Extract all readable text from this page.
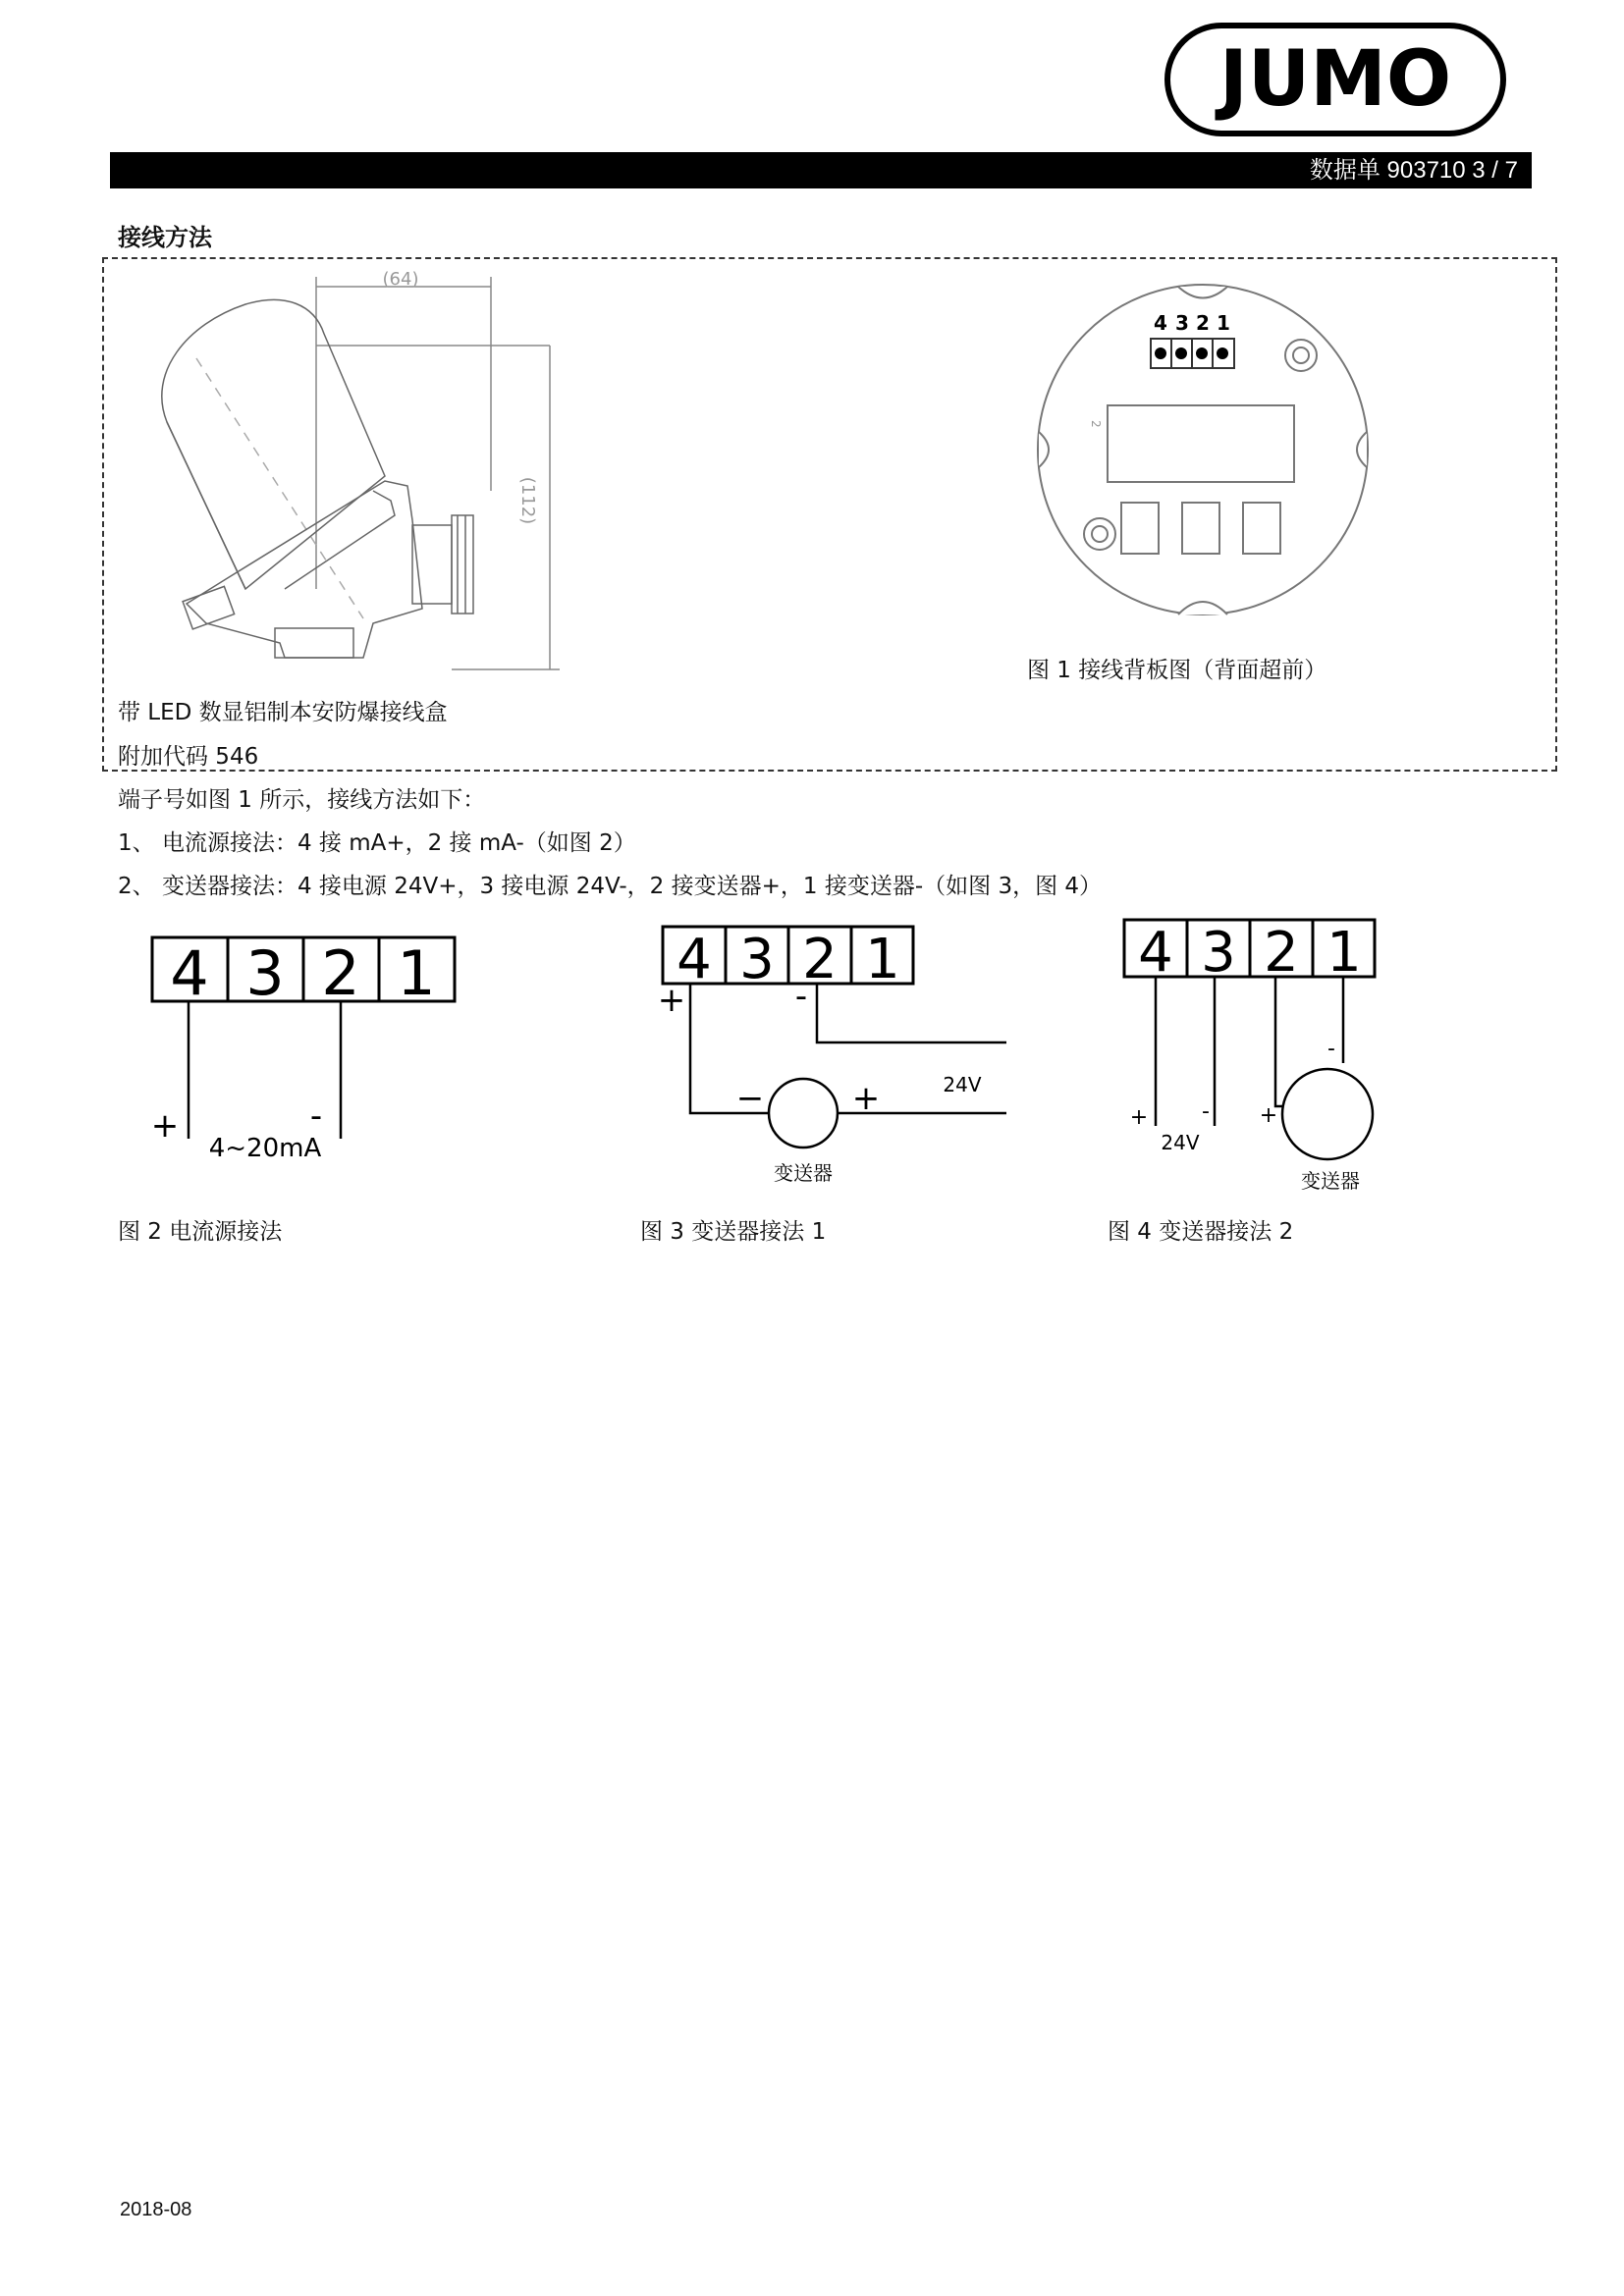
JUMO
数据单 903710 3 / 7
接线方法
(64)
(112)
4 3 2 1
2
图 1 接线背板图（背面超前）
带 LED 数显铝制本安防爆接线盒
附加代码 546
端子号如图 1 所示，接线方法如下：
1、 电流源接法：4 接 mA+，2 接 mA-（如图 2）
2、 变送器接法：4 接电源 24V+，3 接电源 24V-，2 接变送器+，1 接变送器-（如图 3，图 4）
4 3 2 1
+	-
4~20mA
图 2 电流源接法
4 3 2 1
+	-
−	+	24V
变送器
图 3 变送器接法 1
4 3 2 1
+ - +
-
24V
变送器
图 4 变送器接法 2
2018-08
